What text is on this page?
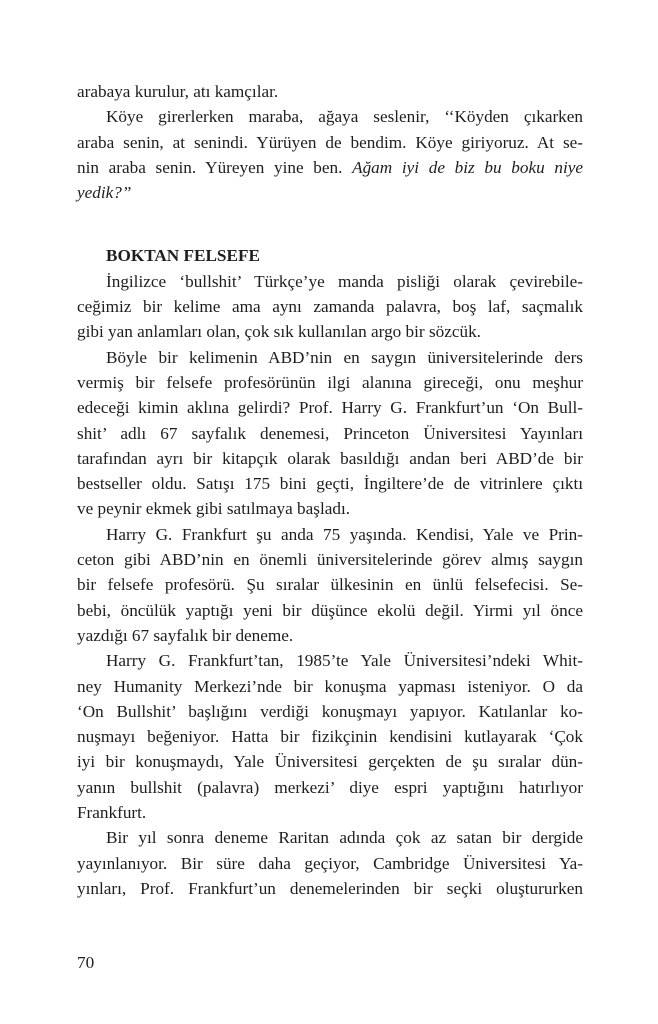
arabaya kurulur, atı kamçılar.
Köye girerlerken maraba, ağaya seslenir, ‘‘Köyden çıkarken
araba senin, at senindi. Yürüyen de bendim. Köye giriyoruz. At se-
nin araba senin. Yüreyen yine ben. Ağam iyi de biz bu boku niye
yedik?”
BOKTAN FELSEFE
İngilizce ‘bullshit’ Türkçe’ye manda pisliği olarak çevirebile-
ceğimiz bir kelime ama aynı zamanda palavra, boş laf, saçmalık
gibi yan anlamları olan, çok sık kullanılan argo bir sözcük.
Böyle bir kelimenin ABD’nin en saygın üniversitelerinde ders
vermiş bir felsefe profesörünün ilgi alanına gireceği, onu meşhur
edeceği kimin aklına gelirdi? Prof. Harry G. Frankfurt’un ‘On Bull-
shit’ adlı 67 sayfalık denemesi, Princeton Üniversitesi Yayınları
tarafından ayrı bir kitapçık olarak basıldığı andan beri ABD’de bir
bestseller oldu. Satışı 175 bini geçti, İngiltere’de de vitrinlere çıktı
ve peynir ekmek gibi satılmaya başladı.
Harry G. Frankfurt şu anda 75 yaşında. Kendisi, Yale ve Prin-
ceton gibi ABD’nin en önemli üniversitelerinde görev almış saygın
bir felsefe profesörü. Şu sıralar ülkesinin en ünlü felsefecisi. Se-
bebi, öncülük yaptığı yeni bir düşünce ekolü değil. Yirmi yıl önce
yazdığı 67 sayfalık bir deneme.
Harry G. Frankfurt’tan, 1985’te Yale Üniversitesi’ndeki Whit-
ney Humanity Merkezi’nde bir konuşma yapması isteniyor. O da
‘On Bullshit’ başlığını verdiği konuşmayı yapıyor. Katılanlar ko-
nuşmayı beğeniyor. Hatta bir fizikçinin kendisini kutlayarak ‘Çok
iyi bir konuşmaydı, Yale Üniversitesi gerçekten de şu sıralar dün-
yanın bullshit (palavra) merkezi’ diye espri yaptığını hatırlıyor
Frankfurt.
Bir yıl sonra deneme Raritan adında çok az satan bir dergide
yayınlanıyor. Bir süre daha geçiyor, Cambridge Üniversitesi Ya-
yınları, Prof. Frankfurt’un denemelerinden bir seçki oluştururken
70
